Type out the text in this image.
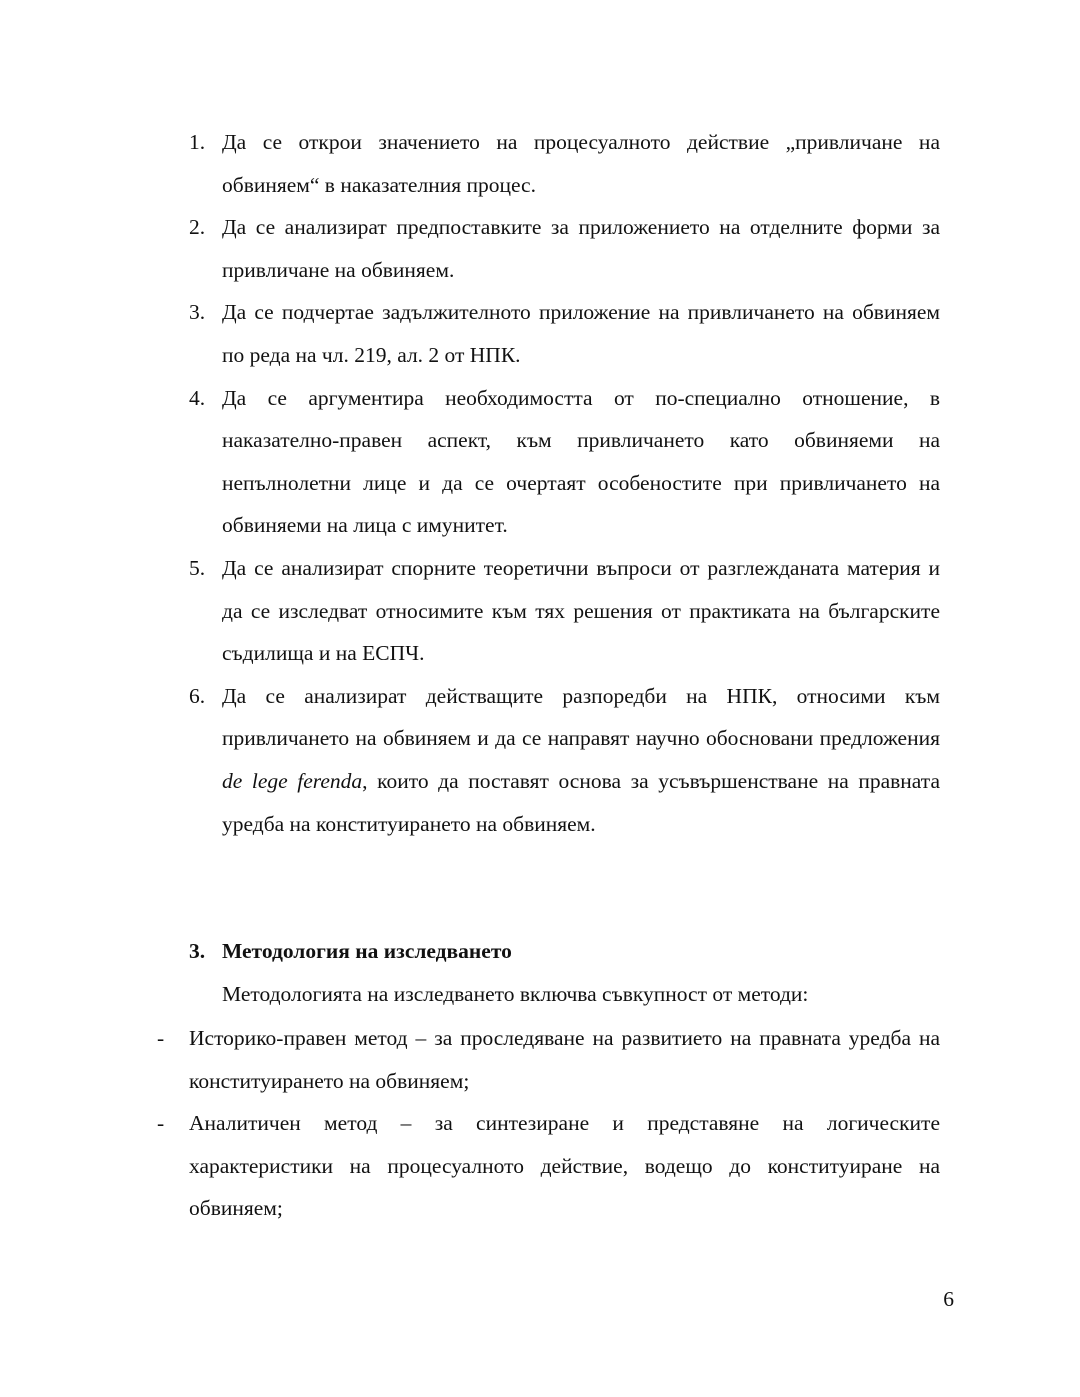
1. Да се открои значението на процесуалното действие „привличане на обвиняем“ в наказателния процес.
2. Да се анализират предпоставките за приложението на отделните форми за привличане на обвиняем.
3. Да се подчертае задължителното приложение на привличането на обвиняем по реда на чл. 219, ал. 2 от НПК.
4. Да се аргументира необходимостта от по-специално отношение, в наказателно-правен аспект, към привличането като обвиняеми на непълнолетни лице и да се очертаят особеностите при привличането на обвиняеми на лица с имунитет.
5. Да се анализират спорните теоретични въпроси от разглежданата материя и да се изследват относимите към тях решения от практиката на българските съдилища и на ЕСПЧ.
6. Да се анализират действащите разпоредби на НПК, относими към привличането на обвиняем и да се направят научно обосновани предложения de lege ferenda, които да поставят основа за усъвършенстване на правната уредба на конституирането на обвиняем.
3. Методология на изследването

Методологията на изследването включва съвкупност от методи:

- Историко-правен метод – за проследяване на развитието на правната уредба на конституирането на обвиняем;
- Аналитичен метод – за синтезиране и представяне на логическите характеристики на процесуалното действие, водещо до конституиране на обвиняем;
6
